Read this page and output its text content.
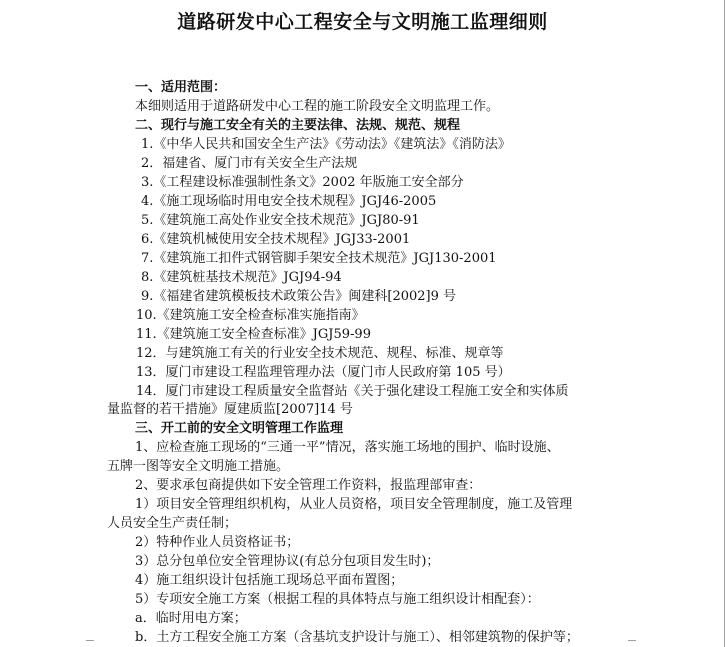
道路研发中心工程安全与文明施工监理细则
一、适用范围：
本细则适用于道路研发中心工程的施工阶段安全文明监理工作。
二、现行与施工安全有关的主要法律、法规、规范、规程
1.《中华人民共和国安全生产法》《劳动法》《建筑法》《消防法》
2．福建省、厦门市有关安全生产法规
3.《工程建设标准强制性条文》2002 年版施工安全部分
4.《施工现场临时用电安全技术规程》JGJ46-2005
5.《建筑施工高处作业安全技术规范》JGJ80-91
6.《建筑机械使用安全技术规程》JGJ33-2001
7.《建筑施工扣件式钢管脚手架安全技术规范》JGJ130-2001
8.《建筑桩基技术规范》JGJ94-94
9.《福建省建筑模板技术政策公告》闽建科[2002]9 号
10.《建筑施工安全检查标准实施指南》
11.《建筑施工安全检查标准》JGJ59-99
12．与建筑施工有关的行业安全技术规范、规程、标准、规章等
13．厦门市建设工程监理管理办法（厦门市人民政府第 105 号）
14．厦门市建设工程质量安全监督站《关于强化建设工程施工安全和实体质
量监督的若干措施》厦建质监[2007]14 号
三、开工前的安全文明管理工作监理
1、应检查施工现场的“三通一平”情况，落实施工场地的围护、临时设施、
五牌一图等安全文明施工措施。
2、要求承包商提供如下安全管理工作资料，报监理部审查：
1）项目安全管理组织机构，从业人员资格，项目安全管理制度，施工及管理
人员安全生产责任制；
2）特种作业人员资格证书；
3）总分包单位安全管理协议(有总分包项目发生时)；
4）施工组织设计包括施工现场总平面布置图；
5）专项安全施工方案（根据工程的具体特点与施工组织设计相配套）：
a．临时用电方案；
b．土方工程安全施工方案（含基坑支护设计与施工）、相邻建筑物的保护等；
